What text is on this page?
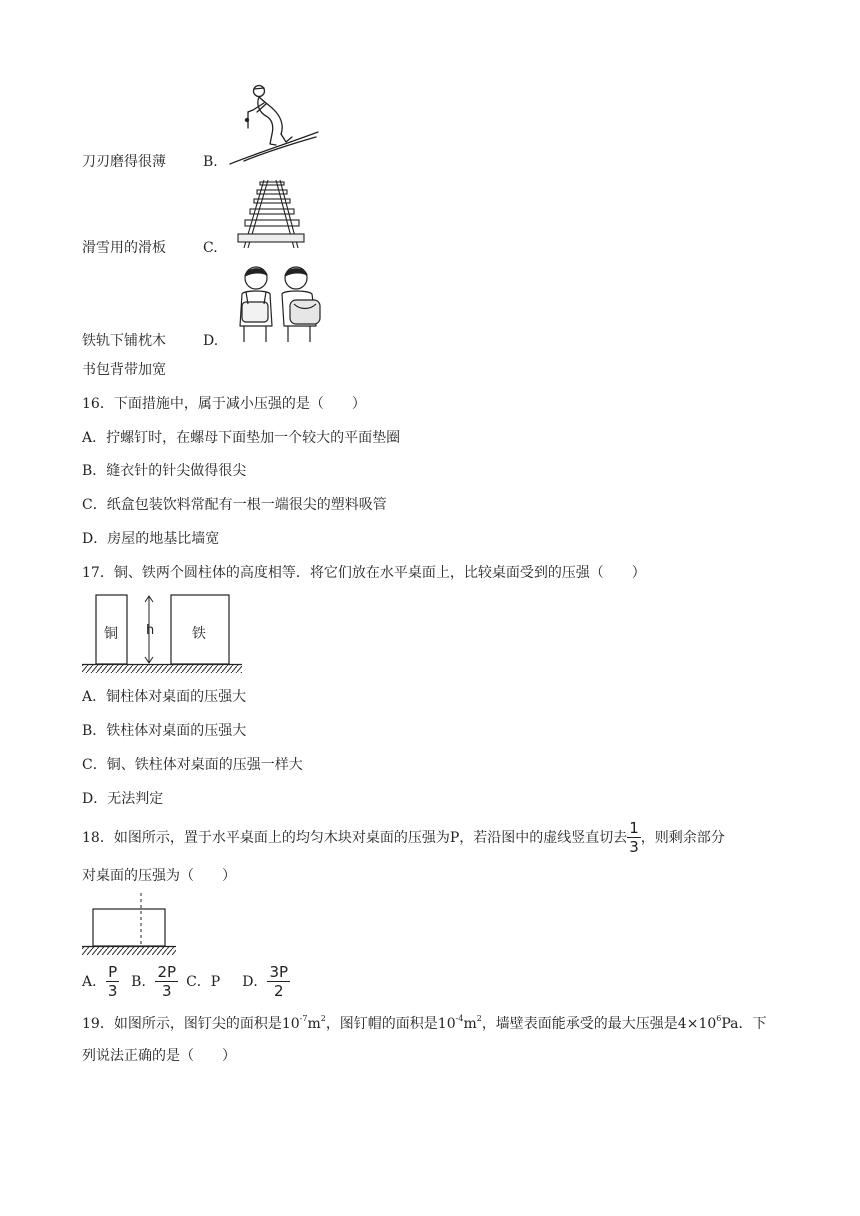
刀刃磨得很薄	B.
滑雪用的滑板	C.
铁轨下铺枕木	D.
书包背带加宽
16．下面措施中，属于减小压强的是（　　）
A．拧螺钉时，在螺母下面垫加一个较大的平面垫圈
B．缝衣针的针尖做得很尖
C．纸盒包装饮料常配有一根一端很尖的塑料吸管
D．房屋的地基比墙宽
17．铜、铁两个圆柱体的高度相等．将它们放在水平桌面上，比较桌面受到的压强（　　）
铜 h	铁
A．铜柱体对桌面的压强大
B．铁柱体对桌面的压强大
C．铜、铁柱体对桌面的压强一样大
D．无法判定
18．如图所示，置于水平桌面上的均匀木块对桌面的压强为P，若沿图中的虚线竖直切去 $\frac{1}{3}$ ，则剩余部分
对桌面的压强为（　　）
A． $\frac{P}{3}$ B． $\frac{2P}{3}$ C． P D． $\frac{3P}{2}$
19．如图所示，图钉尖的面积是$10^{-7}m^2$，图钉帽的面积是$10^{-4}m^2$，墙壁表面能承受的最大压强是$4\times 10^6Pa$．下
列说法正确的是（　　）
